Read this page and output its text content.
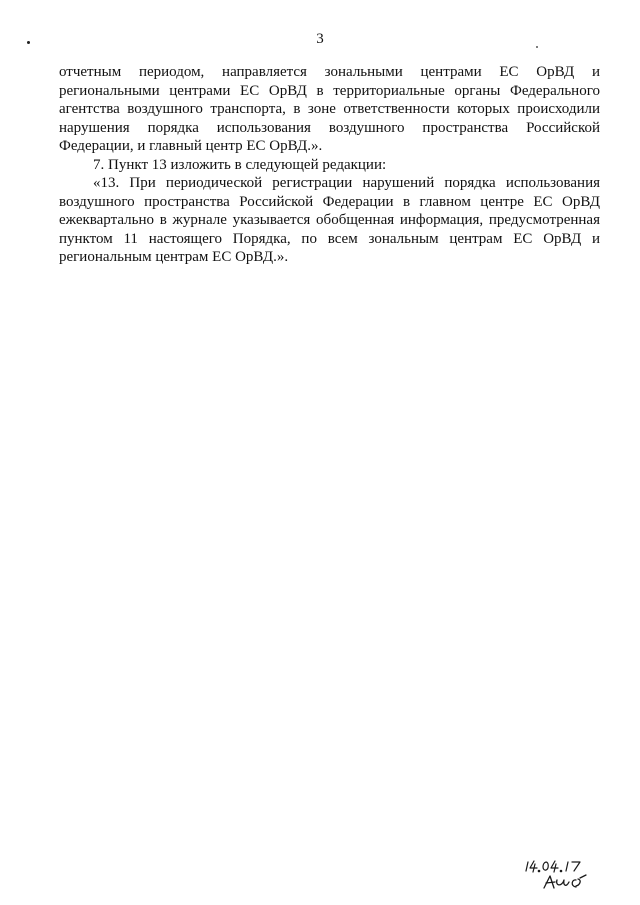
3

отчетным периодом, направляется зональными центрами ЕС ОрВД и региональными центрами ЕС ОрВД в территориальные органы Федерального агентства воздушного транспорта, в зоне ответственности которых происходили нарушения порядка использования воздушного пространства Российской Федерации, и главный центр ЕС ОрВД.».

7. Пункт 13 изложить в следующей редакции:

«13. При периодической регистрации нарушений порядка использования воздушного пространства Российской Федерации в главном центре ЕС ОрВД ежеквартально в журнале указывается обобщенная информация, предусмотренная пунктом 11 настоящего Порядка, по всем зональным центрам ЕС ОрВД и региональным центрам ЕС ОрВД.».
